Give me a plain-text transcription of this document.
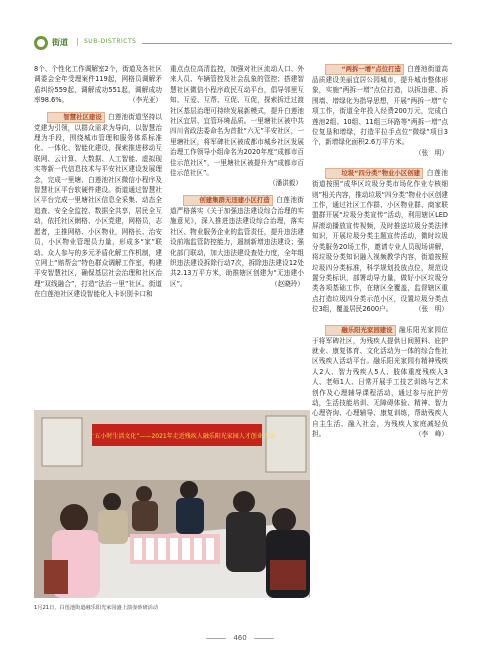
街道 | SUB-DISTRICTS

8个、个性化工作调解室2个，街道及各社区调委会全年受理案件119起，网格员调解矛盾纠纷559起，调解成功551起，调解成功率98.6%。	（李光亚）

智慧社区建设 白莲池街道坚持以党建为引领，以群众需求为导向，以智慧治理为手段，围绕城市管理和服务体系标准化、一体化、智能化建设，探索推进移动互联网、云计算、大数据、人工智能、虚拟现实等新一代信息技术与平安社区建设发展理念，完成一里塘、白莲池社区微信小程序及智慧社区平台软硬件建设。街道通过智慧社区平台完成一里塘社区信息全采集、动态全追查、安全全监控、数据全共享，居民全互动，依托社区網格、小区党建，网格员，志愿者，主推网格、小区物业，网格长、治安员，小区物业管理员力量，形成多“家”联动、众人参与的多元矛盾化解工作机制，建立网上“赔帮会”特色群众调解工作室，构建平安智慧社区，确保基层社会治理和社区治理“双线融合”，打造“法治一里”社区。街道在白莲池社区建设智能化人卡识别卡口和

重点点位高清监控，加强对社区流动人口、外来人员、车辆管控及社会乱象的管控；搭建智慧社区微信小程序政民互动平台，倡导邻里互知、互爱、互帮、互促、互促，探索拆迁过渡社区基层治理可持续发展新模式，提升白莲池社区宜居、宜管环境品质。一里塘社区被中共四川省政法委命名为首批“六无”平安社区，一里塘社区，将军碑社区被成都市城乡社区发展治理工作领导小组命名为2020年度“成都市百佳示范社区”，一里塘社区被提升为“成都市百佳示范社区”。

（潘洪毅）

创建集群无违建小区打造 白莲池街道严格落实《关于加强违法建设综合治理的实施意见》，深入推进违法建设综合治理，落实社区、物业服务企业的监管责任，提升违法建设前端监管防控能力，遏制新增违法建设；强化部门联动，加大违法建设查处力度，全年组织违法建设拆除行动7次，拆除违法建设12处共2.13万平方米，助推辖区创建为“无违建小区”。	（赵晓玲）

“两拆一增”点位打造 白莲池街道高品质建设美丽宜居公园城市，提升城市整体形象，实施“两拆一增”点位打造，以拆违建、拆围墙、增绿化为指导思想，开展“两拆一增”专项工作，街道全年投入经费200万元，完成白莲池2组、10组、11组三环路等“两拆一增”点位复垦和增绿，打造平拉手点位“微绿”项目3个，新增绿化面积2.6万平方米。
（张　明）

垃圾“四分类”物业小区创建 白莲池街道按照“成华区垃圾分类市场化作业专核细则”相关内容，推动垃圾“四分类”物业小区创建工作，通过社区工作群、小区物业群、商家联盟群开展“垃圾分类宣传”活动，利用辖区LED屏滚动播放宣传视频，及时推送垃圾分类法律知识，开展垃圾分类主题宣传活动，微时垃圾分类服务20场工作，邀请专业人员现场讲解，将垃圾分类知识融入视频教学内容，街道按照垃圾四分类标准，科学规划投放点位，规范设置分类标识，部署动导力量，做好小区垃圾分类各项基础工作，在辖区全覆盖，监督辖区重点打造垃圾四分类示范小区，设置垃圾分类点位3组，覆盖居民2600户。	（张　明）

融乐阳光家园建设 融乐阳光家园位于将军碑社区，为残疾人提供日间照料、庇护就业、康复体育、文化活动为一体的综合性社区残疾人活动平台。融乐阳光家园有精神残疾人2人、智力残疾人5人、肢体重度残疾人3人、老师1人、日常开展手工技艺训练与艺术创作及心理辅导课程活动，通过参与庇护劳动，生活技能培训、无障碍体验、精神、智力心理咨询、心理辅导、康复训练，帮助残疾人自主生活、融入社会，为残疾人家庭减轻负担。	（李　峰）

“二十五小时生活文化”——2021年走近残疾人融乐阳光家园人才创业活动
1月21日，白莲池街道融乐阳光家园盛上演壶砂研活动
460
